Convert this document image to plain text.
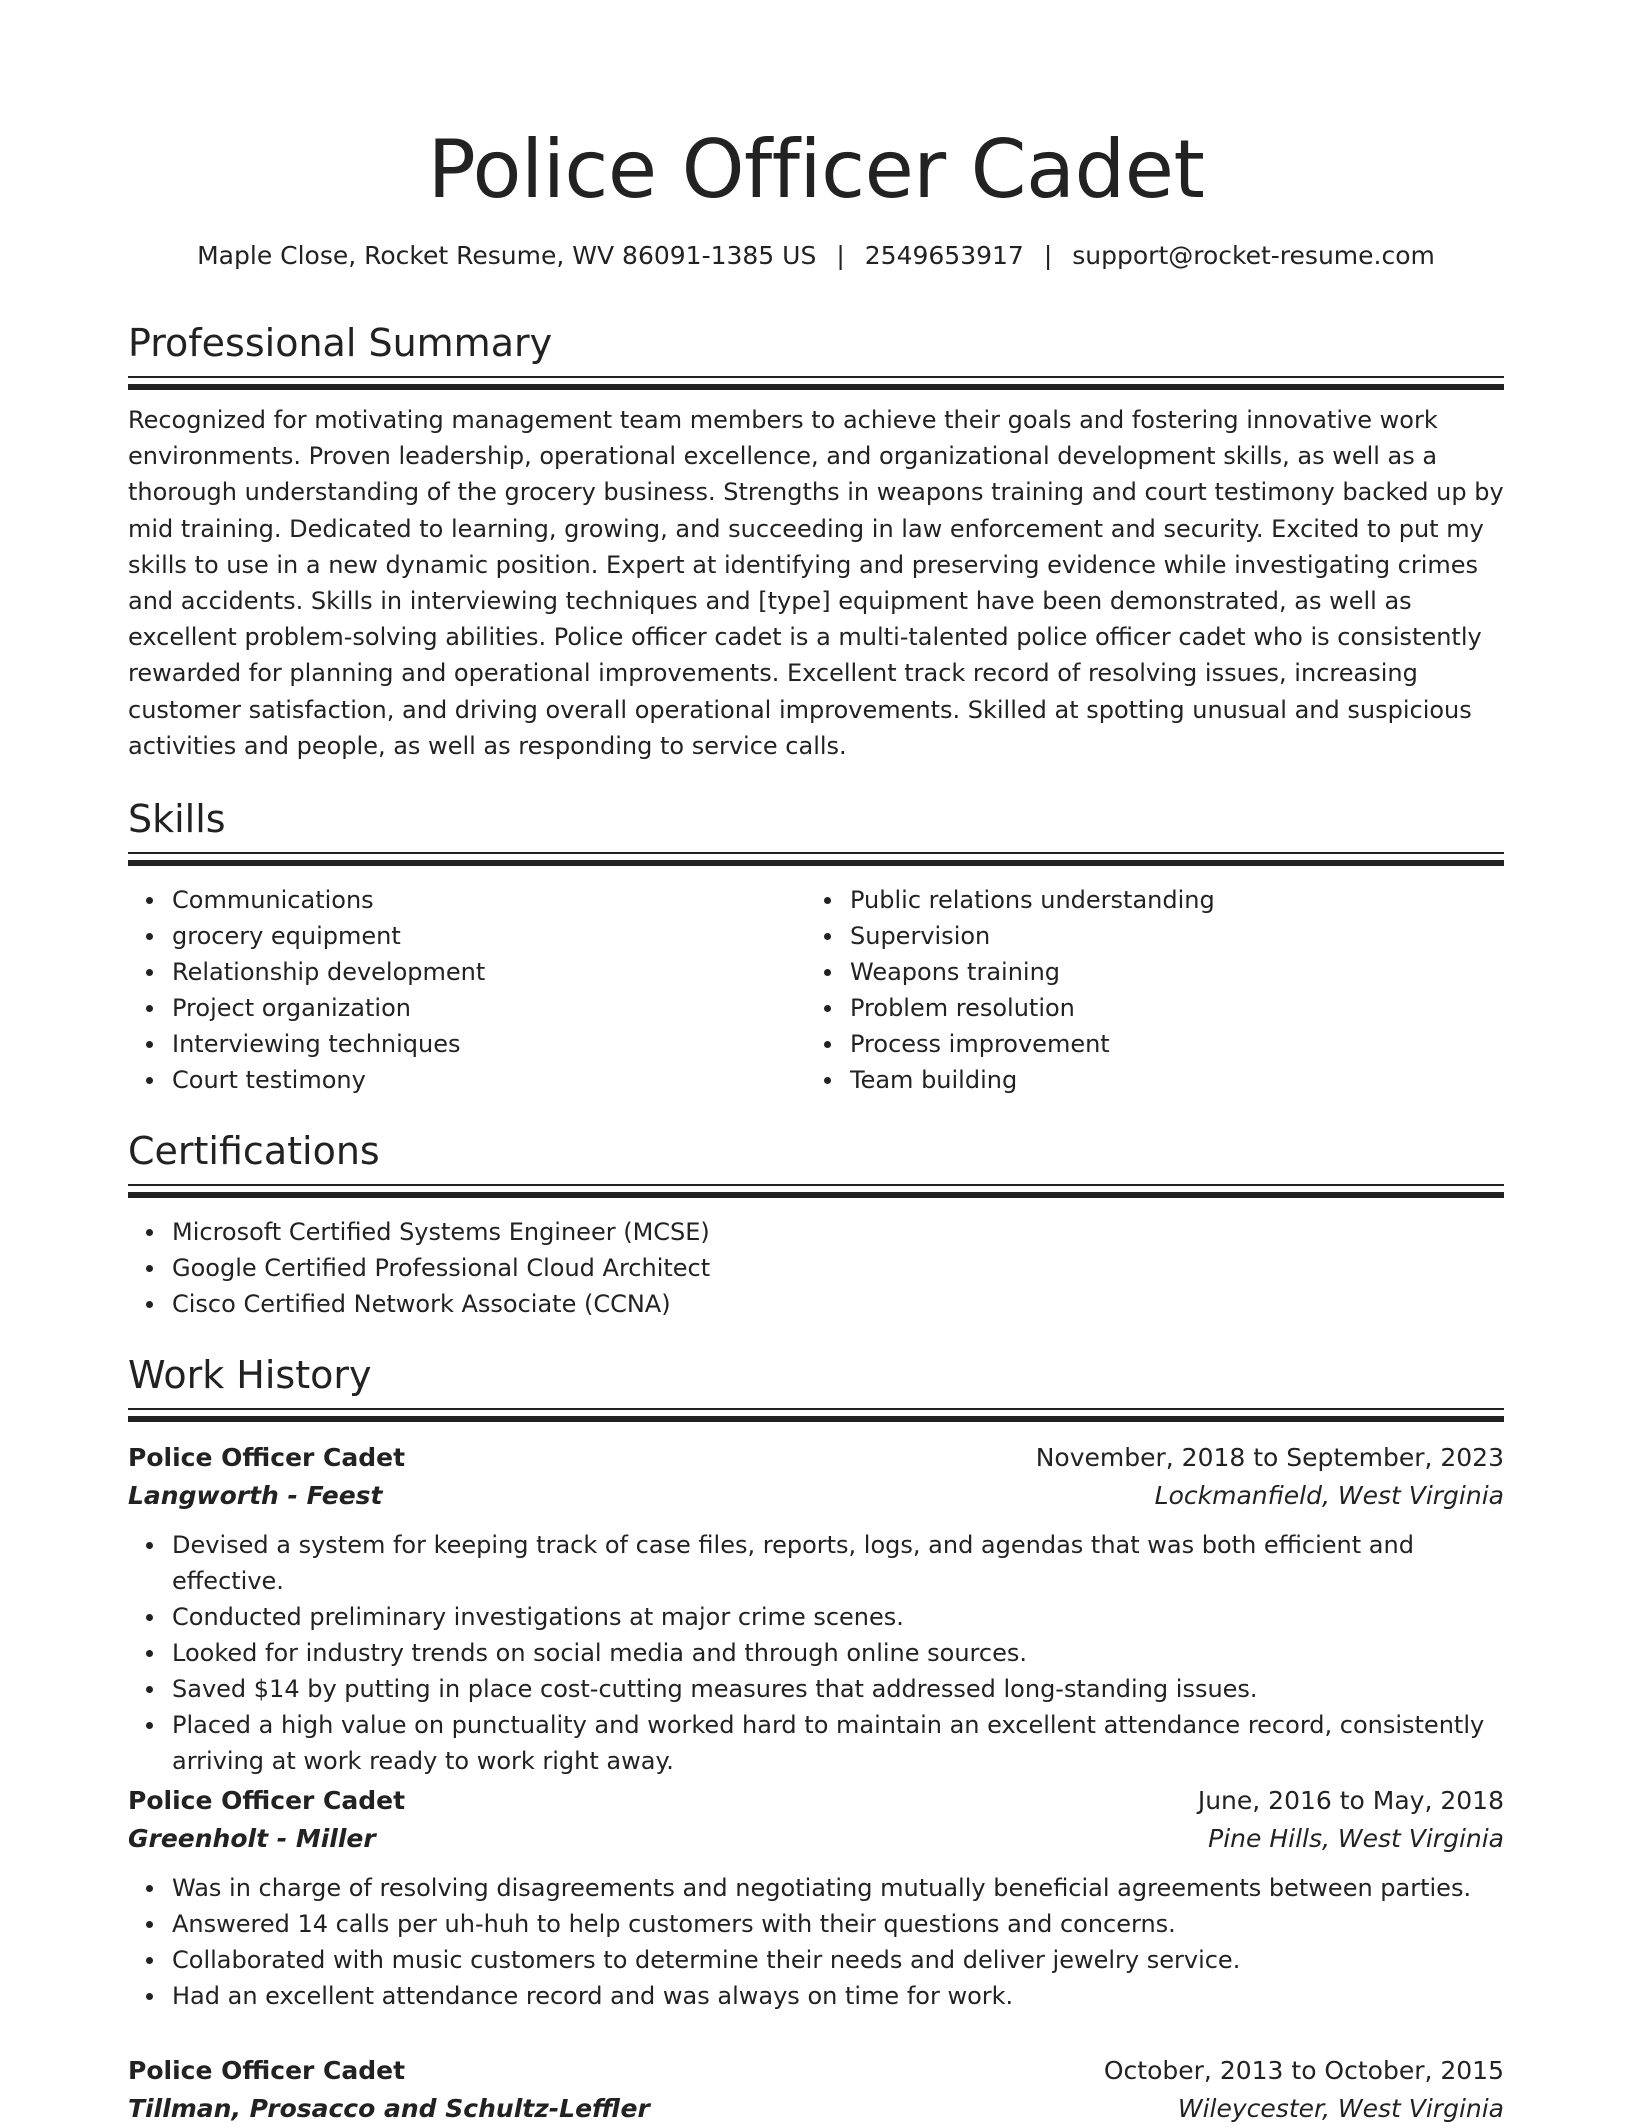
Police Officer Cadet
Maple Close, Rocket Resume, WV 86091-1385 US | 2549653917 | support@rocket-resume.com
Professional Summary
Recognized for motivating management team members to achieve their goals and fostering innovative work environments. Proven leadership, operational excellence, and organizational development skills, as well as a thorough understanding of the grocery business. Strengths in weapons training and court testimony backed up by mid training. Dedicated to learning, growing, and succeeding in law enforcement and security. Excited to put my skills to use in a new dynamic position. Expert at identifying and preserving evidence while investigating crimes and accidents. Skills in interviewing techniques and [type] equipment have been demonstrated, as well as excellent problem-solving abilities. Police officer cadet is a multi-talented police officer cadet who is consistently rewarded for planning and operational improvements. Excellent track record of resolving issues, increasing customer satisfaction, and driving overall operational improvements. Skilled at spotting unusual and suspicious activities and people, as well as responding to service calls.
Skills
Communications
grocery equipment
Relationship development
Project organization
Interviewing techniques
Court testimony
Public relations understanding
Supervision
Weapons training
Problem resolution
Process improvement
Team building
Certifications
Microsoft Certified Systems Engineer (MCSE)
Google Certified Professional Cloud Architect
Cisco Certified Network Associate (CCNA)
Work History
Police Officer Cadet	November, 2018 to September, 2023
Langworth - Feest	Lockmanfield, West Virginia
Devised a system for keeping track of case files, reports, logs, and agendas that was both efficient and effective.
Conducted preliminary investigations at major crime scenes.
Looked for industry trends on social media and through online sources.
Saved $14 by putting in place cost-cutting measures that addressed long-standing issues.
Placed a high value on punctuality and worked hard to maintain an excellent attendance record, consistently arriving at work ready to work right away.
Police Officer Cadet	June, 2016 to May, 2018
Greenholt - Miller	Pine Hills, West Virginia
Was in charge of resolving disagreements and negotiating mutually beneficial agreements between parties.
Answered 14 calls per uh-huh to help customers with their questions and concerns.
Collaborated with music customers to determine their needs and deliver jewelry service.
Had an excellent attendance record and was always on time for work.
Police Officer Cadet	October, 2013 to October, 2015
Tillman, Prosacco and Schultz-Leffler	Wileycester, West Virginia
